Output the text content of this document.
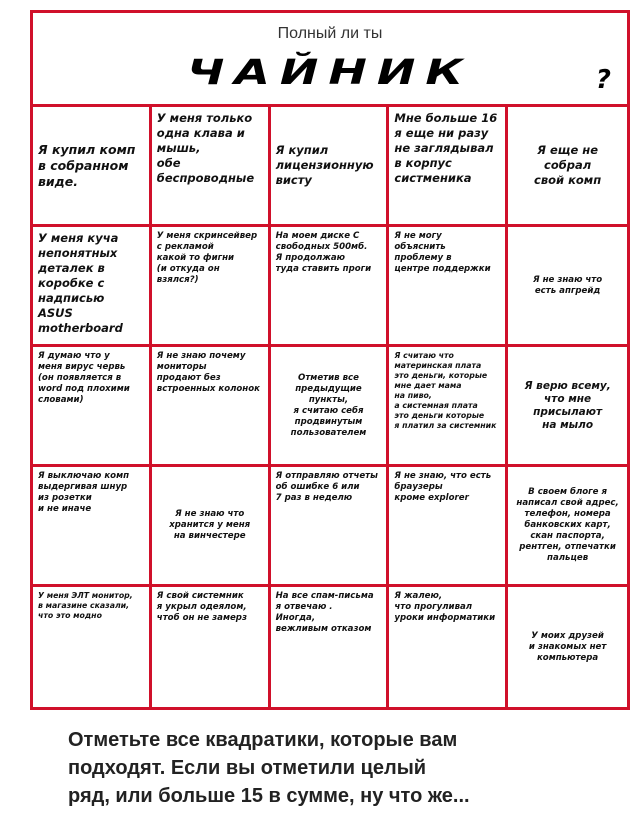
Полный ли ты
ЧАЙНИК	?
Я купил комп
в собранном
виде.
У меня только
одна клава и
мышь,
обе
беспроводные
Я купил
лицензионную
висту
Мне больше 16
я еще ни разу
не заглядывал
в корпус
систменика
Я еще не
собрал
свой комп
У меня куча
непонятных
деталек в
коробке с
надписью
ASUS motherboard
У меня скринсейвер
с рекламой
какой то фигни
(и откуда он взялся?)
На моем диске С
свободных 500мб.
Я продолжаю
туда ставить проги
Я не могу
объяснить
проблему в
центре поддержки
Я не знаю что
есть апгрейд
Я думаю что у
меня вирус червь
(он появляется в
word под плохими
словами)
Я не знаю почему
мониторы
продают без
встроенных колонок
Отметив все
предыдущие
пункты,
я считаю себя
продвинутым
пользователем
Я считаю что
материнская плата
это деньги, которые
мне дает мама
на пиво,
а системная плата
это деньги которые
я платил за системник
Я верю всему,
что мне
присылают
на мыло
Я выключаю комп
выдергивая шнур
из розетки
и не иначе	Я не знаю что
хранится у меня
на винчестере
Я отправляю отчеты
об ошибке 6 или
7 раз в неделю
Я не знаю, что есть
браузеры
кроме explorer
В своем блоге я
написал свой адрес,
телефон, номера
банковских карт,
скан паспорта,
рентген, отпечатки
пальцев
У меня ЭЛТ монитор,
в магазине сказали,
что это модно
Я свой системник
я укрыл одеялом,
чтоб он не замерз
На все спам-письма
я отвечаю .
Иногда,
вежливым отказом
Я жалею,
что прогуливал
уроки информатики
У моих друзей
и знакомых нет
компьютера
Отметьте все квадратики, которые вам
подходят. Если вы отметили целый
ряд, или больше 15 в сумме, ну что же...
